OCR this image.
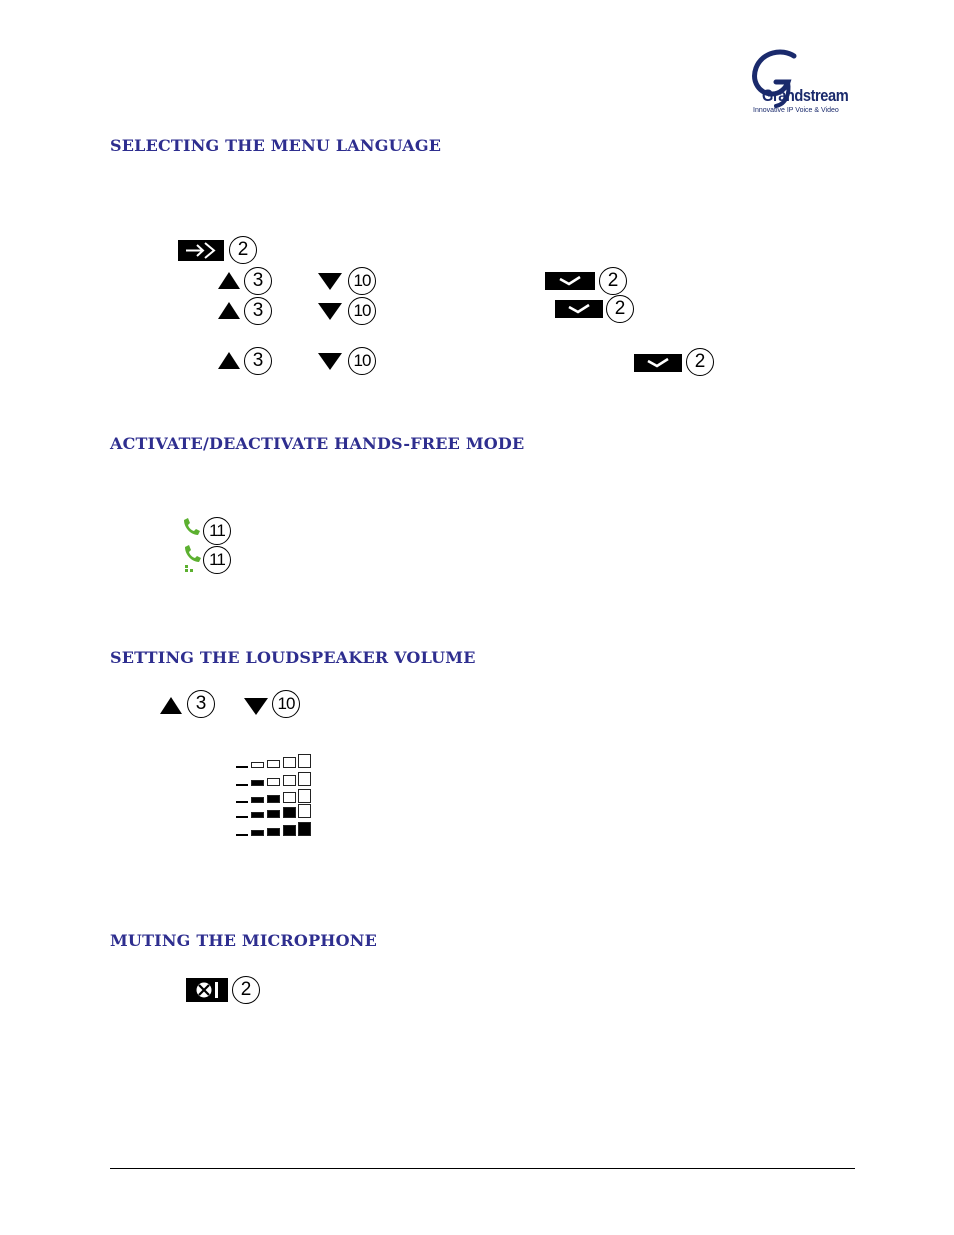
Grandstream
Innovative IP Voice & Video
SELECTING THE MENU LANGUAGE
2
3	10	2
3	10	2
3	10	2
ACTIVATE/DEACTIVATE HANDS-FREE MODE
11
11
SETTING THE LOUDSPEAKER VOLUME
3	10
MUTING THE MICROPHONE
2
